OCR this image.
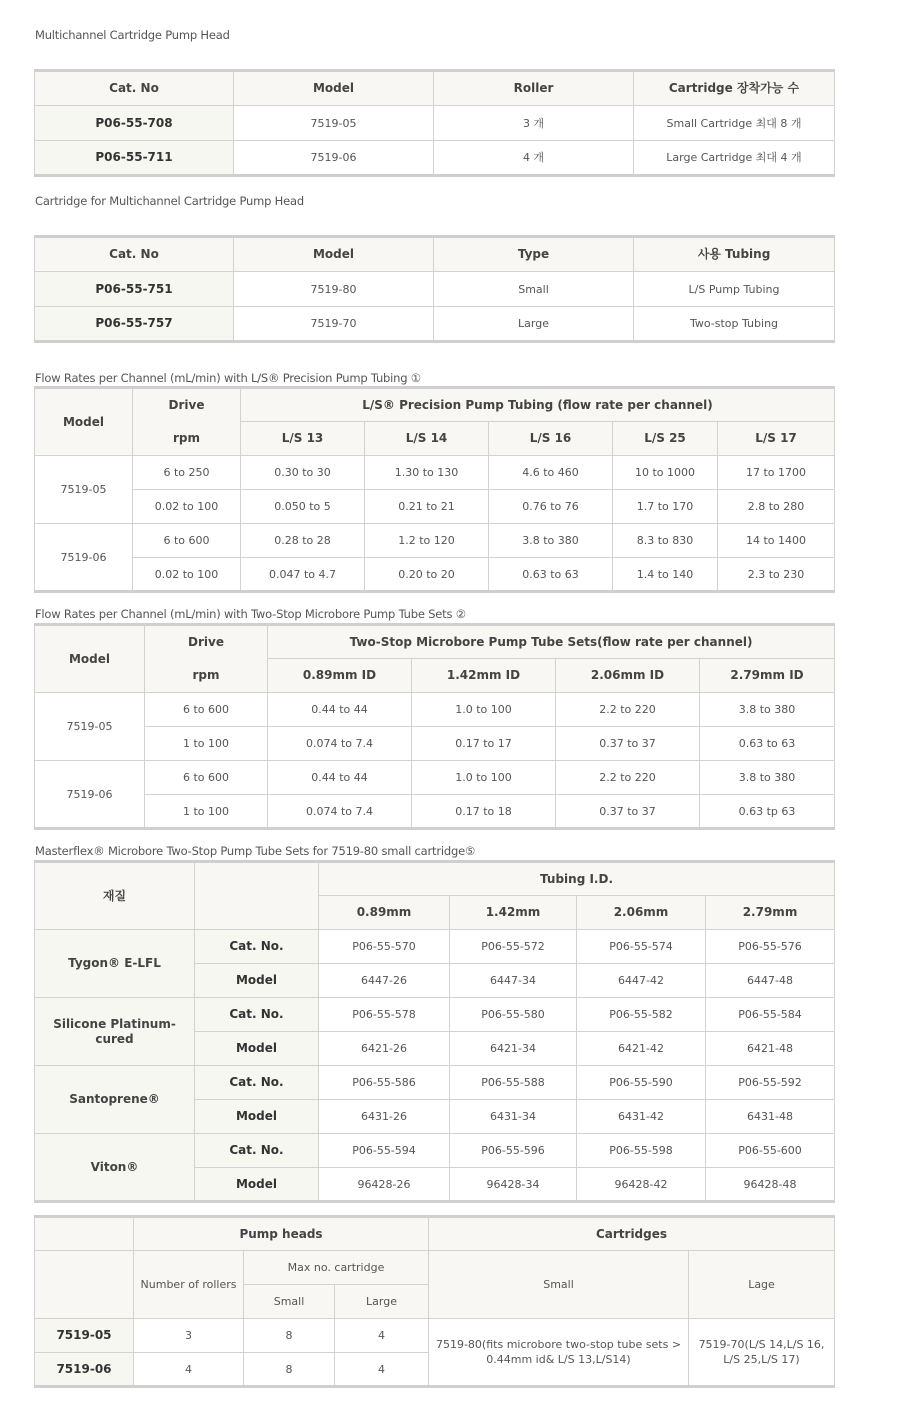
Multichannel Cartridge Pump Head
Cat. No	Model	Roller	Cartridge 장착가능 수
P06-55-708	7519-05	3 개	Small Cartridge 최대 8 개
P06-55-711	7519-06	4 개	Large Cartridge 최대 4 개
Cartridge for Multichannel Cartridge Pump Head
Cat. No	Model	Type	사용 Tubing
P06-55-751	7519-80	Small	L/S Pump Tubing
P06-55-757	7519-70	Large	Two-stop Tubing
Flow Rates per Channel (mL/min) with L/S® Precision Pump Tubing ①
Model	Drive	L/S® Precision Pump Tubing (flow rate per channel)				
	rpm	L/S 13	L/S 14	L/S 16	L/S 25	L/S 17
7519-05	6 to 250	0.30 to 30	1.30 to 130	4.6 to 460	10 to 1000	17 to 1700
	0.02 to 100	0.050 to 5	0.21 to 21	0.76 to 76	1.7 to 170	2.8 to 280
7519-06	6 to 600	0.28 to 28	1.2 to 120	3.8 to 380	8.3 to 830	14 to 1400
	0.02 to 100	0.047 to 4.7	0.20 to 20	0.63 to 63	1.4 to 140	2.3 to 230
Flow Rates per Channel (mL/min) with Two-Stop Microbore Pump Tube Sets ②
Model	Drive	Two-Stop Microbore Pump Tube Sets(flow rate per channel)			
	rpm	0.89mm ID	1.42mm ID	2.06mm ID	2.79mm ID
7519-05	6 to 600	0.44 to 44	1.0 to 100	2.2 to 220	3.8 to 380
	1 to 100	0.074 to 7.4	0.17 to 17	0.37 to 37	0.63 to 63
7519-06	6 to 600	0.44 to 44	1.0 to 100	2.2 to 220	3.8 to 380
	1 to 100	0.074 to 7.4	0.17 to 18	0.37 to 37	0.63 tp 63
Masterflex® Microbore Two-Stop Pump Tube Sets for 7519-80 small cartridge⑤
재질		Tubing I.D.			
		0.89mm	1.42mm	2.06mm	2.79mm
Tygon® E-LFL	Cat. No.	P06-55-570	P06-55-572	P06-55-574	P06-55-576
	Model	6447-26	6447-34	6447-42	6447-48
Silicone Platinum-cured	Cat. No.	P06-55-578	P06-55-580	P06-55-582	P06-55-584
	Model	6421-26	6421-34	6421-42	6421-48
Santoprene®	Cat. No.	P06-55-586	P06-55-588	P06-55-590	P06-55-592
	Model	6431-26	6431-34	6431-42	6431-48
Viton®	Cat. No.	P06-55-594	P06-55-596	P06-55-598	P06-55-600
	Model	96428-26	96428-34	96428-42	96428-48
	Pump heads			Cartridges	
	Number of rollers	Max no. cartridge		Small	Lage
		Small	Large		
7519-05	3	8	4	7519-80(fits microbore two-stop tube sets > 0.44mm id& L/S 13,L/S14)	7519-70(L/S 14,L/S 16, L/S 25,L/S 17)
7519-06	4	8	4		
